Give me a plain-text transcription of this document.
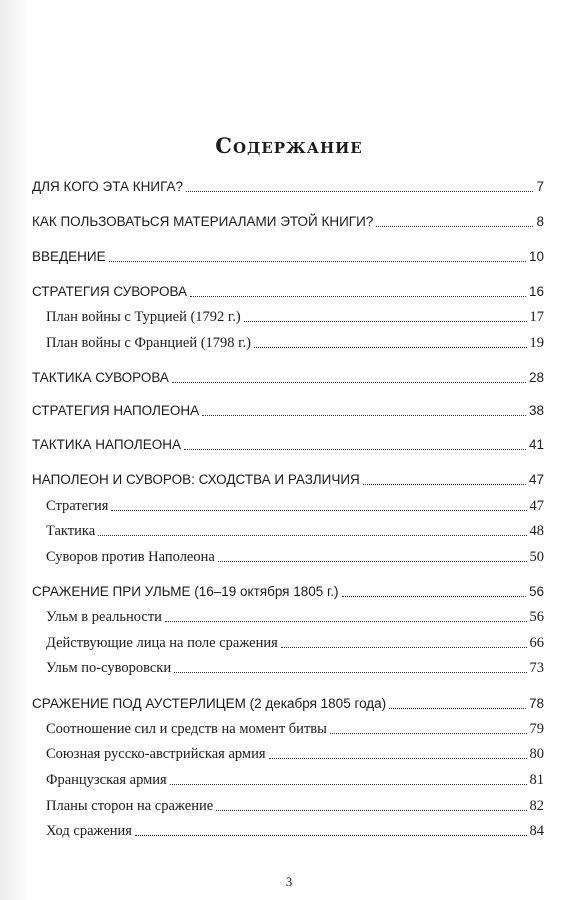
Содержание
ДЛЯ КОГО ЭТА КНИГА?	7
КАК ПОЛЬЗОВАТЬСЯ МАТЕРИАЛАМИ ЭТОЙ КНИГИ?	8
ВВЕДЕНИЕ	10
СТРАТЕГИЯ СУВОРОВА	16
План войны с Турцией (1792 г.)	17
План войны с Францией (1798 г.)	19
ТАКТИКА СУВОРОВА	28
СТРАТЕГИЯ НАПОЛЕОНА	38
ТАКТИКА НАПОЛЕОНА	41
НАПОЛЕОН И СУВОРОВ: СХОДСТВА И РАЗЛИЧИЯ	47
Стратегия	47
Тактика	48
Суворов против Наполеона	50
СРАЖЕНИЕ ПРИ УЛЬМЕ (16–19 октября 1805 г.)	56
Ульм в реальности	56
Действующие лица на поле сражения	66
Ульм по-суворовски	73
СРАЖЕНИЕ ПОД АУСТЕРЛИЦЕМ (2 декабря 1805 года)	78
Соотношение сил и средств на момент битвы	79
Союзная русско-австрийская армия	80
Французская армия	81
Планы сторон на сражение	82
Ход сражения	84
3
